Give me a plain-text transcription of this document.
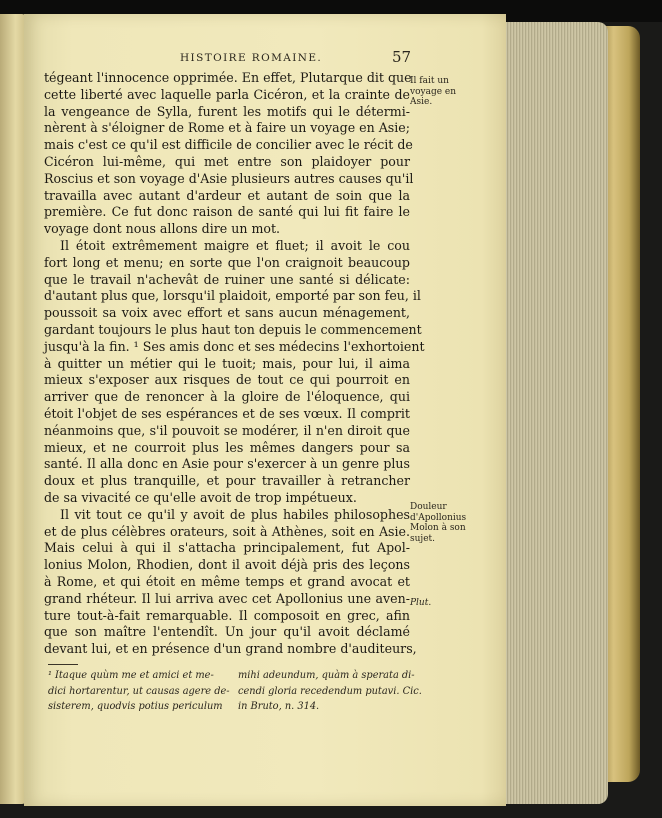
HISTOIRE ROMAINE.	57
tégeant l'innocence opprimée. En effet, Plutarque dit que
cette liberté avec laquelle parla Cicéron, et la crainte de
la vengeance de Sylla, furent les motifs qui le détermi-
nèrent à s'éloigner de Rome et à faire un voyage en Asie;
mais c'est ce qu'il est difficile de concilier avec le récit de
Cicéron lui-même, qui met entre son plaidoyer pour
Roscius et son voyage d'Asie plusieurs autres causes qu'il
travailla avec autant d'ardeur et autant de soin que la
première. Ce fut donc raison de santé qui lui fit faire le
voyage dont nous allons dire un mot.
Il étoit extrêmement maigre et fluet; il avoit le cou
fort long et menu; en sorte que l'on craignoit beaucoup
que le travail n'achevât de ruiner une santé si délicate:
d'autant plus que, lorsqu'il plaidoit, emporté par son feu, il
poussoit sa voix avec effort et sans aucun ménagement,
gardant toujours le plus haut ton depuis le commencement
jusqu'à la fin. ¹ Ses amis donc et ses médecins l'exhortoient
à quitter un métier qui le tuoit; mais, pour lui, il aima
mieux s'exposer aux risques de tout ce qui pourroit en
arriver que de renoncer à la gloire de l'éloquence, qui
étoit l'objet de ses espérances et de ses vœux. Il comprit
néanmoins que, s'il pouvoit se modérer, il n'en diroit que
mieux, et ne courroit plus les mêmes dangers pour sa
santé. Il alla donc en Asie pour s'exercer à un genre plus
doux et plus tranquille, et pour travailler à retrancher
de sa vivacité ce qu'elle avoit de trop impétueux.
Il vit tout ce qu'il y avoit de plus habiles philosophes
et de plus célèbres orateurs, soit à Athènes, soit en Asie.
Mais celui à qui il s'attacha principalement, fut Apol-
lonius Molon, Rhodien, dont il avoit déjà pris des leçons
à Rome, et qui étoit en même temps et grand avocat et
grand rhéteur. Il lui arriva avec cet Apollonius une aven-
ture tout-à-fait remarquable. Il composoit en grec, afin
que son maître l'entendît. Un jour qu'il avoit déclamé
devant lui, et en présence d'un grand nombre d'auditeurs,
Il fait un
voyage en
Asie.
Douleur
d'Apollonius
Molon à son
sujet.
Plut.
¹ Itaque quùm me et amici et me-
dici hortarentur, ut causas agere de-
sisterem, quodvis potius periculum
mihi adeundum, quàm à sperata di-
cendi gloria recedendum putavi. Cic.
in Bruto, n. 314.
